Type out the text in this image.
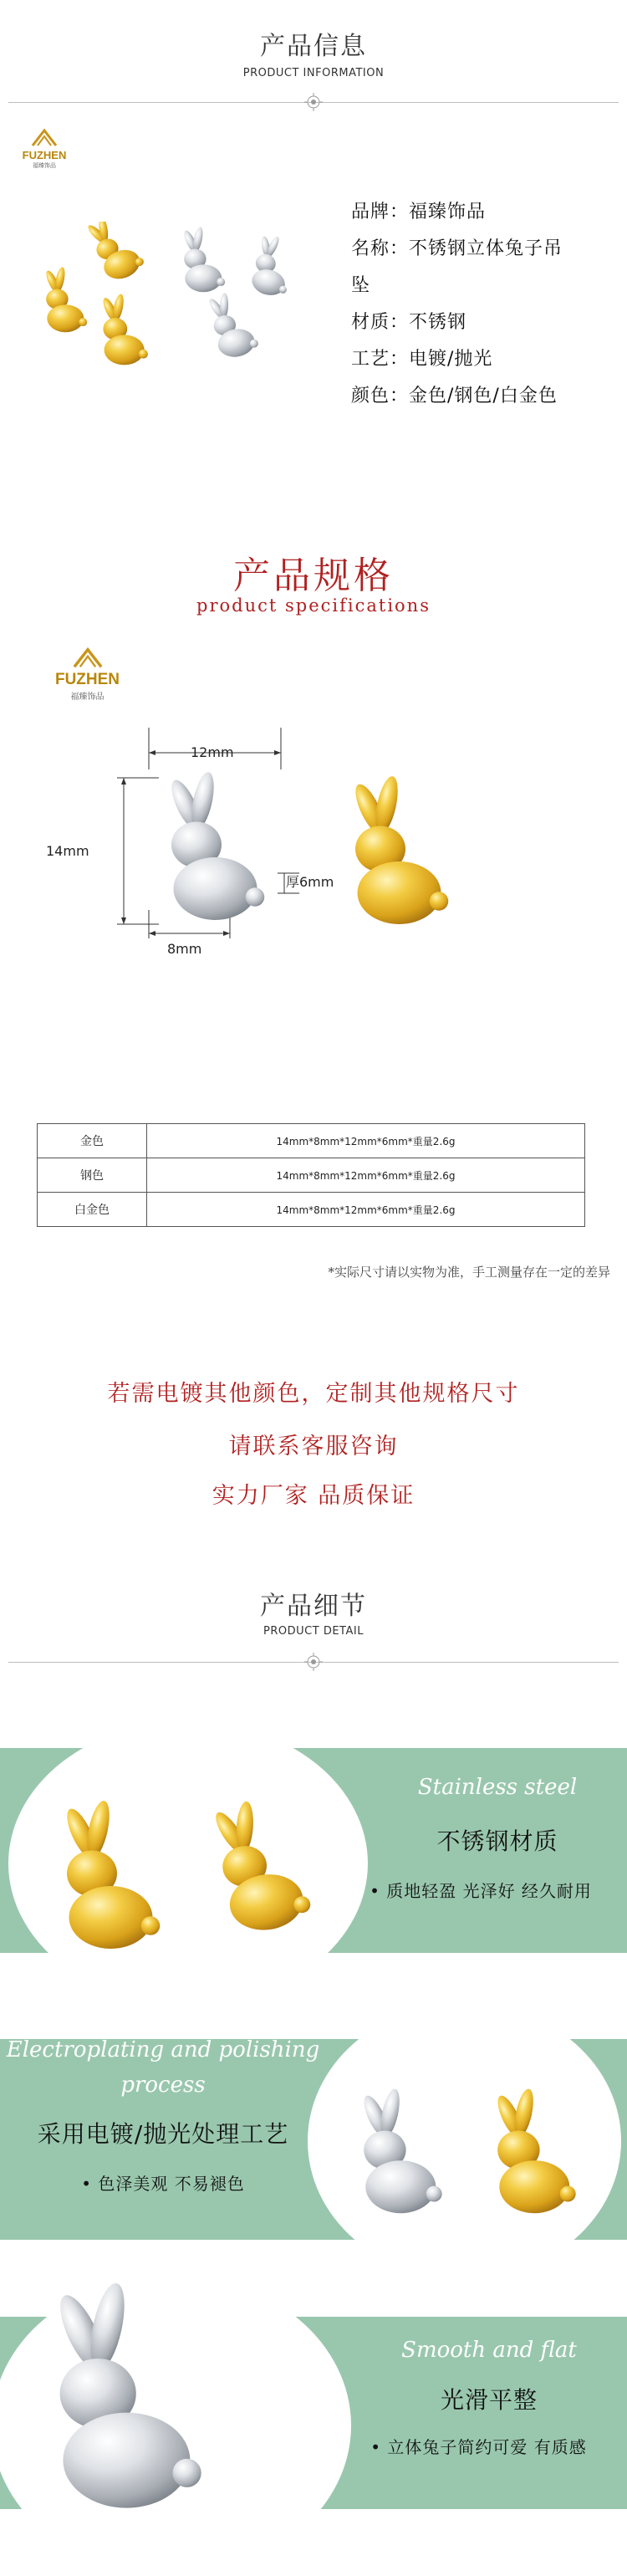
产品信息
PRODUCT INFORMATION
FUZHEN
福臻饰品
品牌：福臻饰品
名称：不锈钢立体兔子吊
坠
材质：不锈钢
工艺：电镀/抛光
颜色：金色/钢色/白金色
产品规格
product specifications
FUZHEN
福臻饰品
12mm
14mm
厚6mm
8mm
金色	14mm*8mm*12mm*6mm*重量2.6g
钢色	14mm*8mm*12mm*6mm*重量2.6g
白金色	14mm*8mm*12mm*6mm*重量2.6g
*实际尺寸请以实物为准，手工测量存在一定的差异
若需电镀其他颜色，定制其他规格尺寸
请联系客服咨询
实力厂家 品质保证
产品细节
PRODUCT DETAIL
Stainless steel
不锈钢材质
• 质地轻盈 光泽好 经久耐用
Electroplating and polishing
process
采用电镀/抛光处理工艺
• 色泽美观 不易褪色
Smooth and flat
光滑平整
• 立体兔子简约可爱 有质感
